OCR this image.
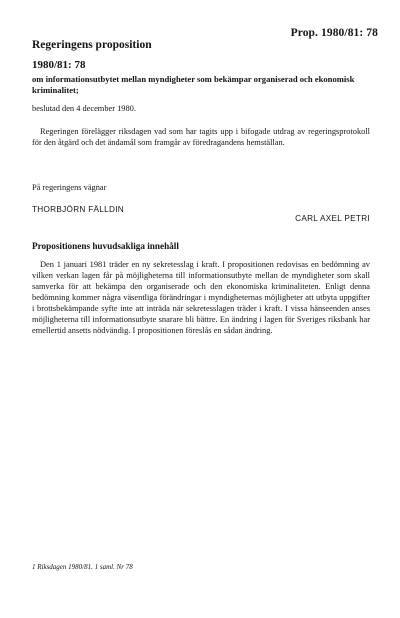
Prop. 1980/81: 78

Regeringens proposition

1980/81: 78

om informationsutbytet mellan myndigheter som bekämpar organiserad och ekonomisk kriminalitet;

beslutad den 4 december 1980.

Regeringen förelägger riksdagen vad som har tagits upp i bifogade utdrag av regeringsprotokoll för den åtgärd och det ändamål som framgår av föredragandens hemställan.

På regeringens vägnar

THORBJÖRN FÄLLDIN

CARL AXEL PETRI

Propositionens huvudsakliga innehåll

Den 1 januari 1981 träder en ny sekretesslag i kraft. I propositionen redovisas en bedömning av vilken verkan lagen får på möjligheterna till informationsutbyte mellan de myndigheter som skall samverka för att bekämpa den organiserade och den ekonomiska kriminaliteten. Enligt denna bedömning kommer några väsentliga förändringar i myndigheternas möjligheter att utbyta uppgifter i brottsbekämpande syfte inte att inträda när sekretesslagen träder i kraft. I vissa hänseenden anses möjligheterna till informationsutbyte snarare bli bättre. En ändring i lagen för Sveriges riksbank har emellertid ansetts nödvändig. I propositionen föreslås en sådan ändring.

1 Riksdagen 1980/81. 1 saml. Nr 78
